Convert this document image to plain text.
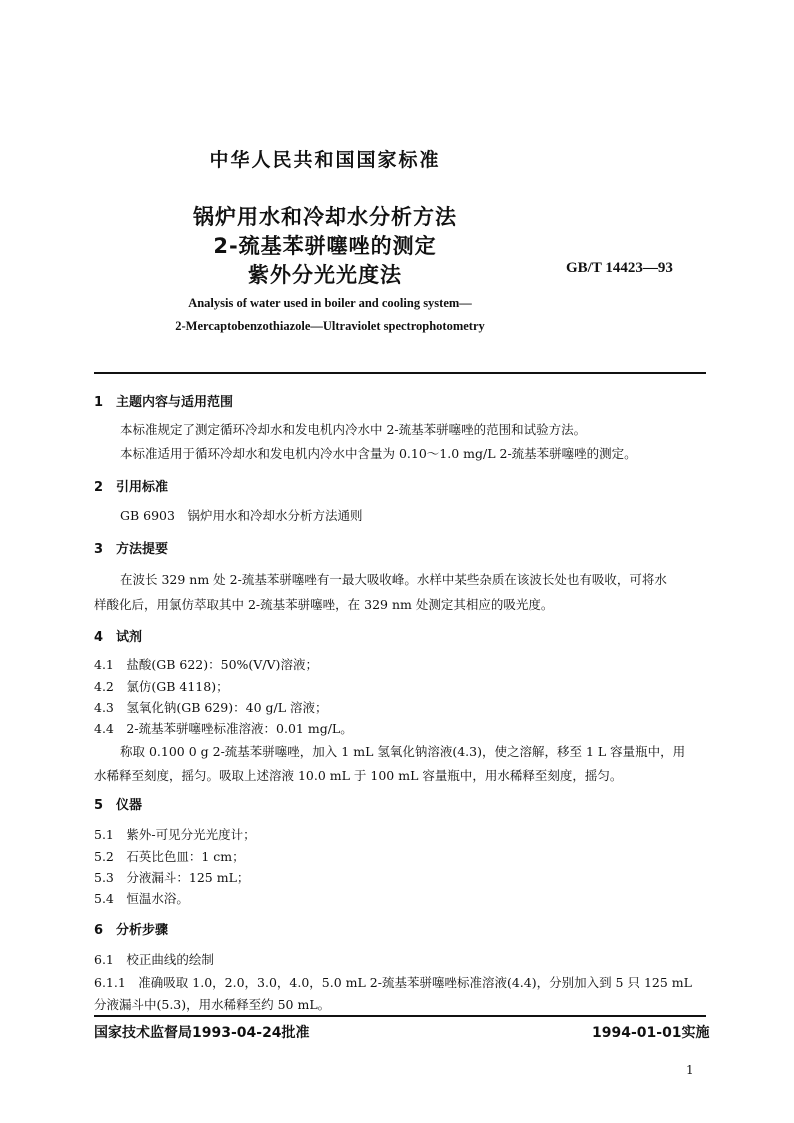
中华人民共和国国家标准
锅炉用水和冷却水分析方法
2-巯基苯骈噻唑的测定
紫外分光光度法	GB/T 14423—93
Analysis of water used in boiler and cooling system—
2-Mercaptobenzothiazole—Ultraviolet spectrophotometry
1　主题内容与适用范围
本标准规定了测定循环冷却水和发电机内冷水中 2-巯基苯骈噻唑的范围和试验方法。
本标准适用于循环冷却水和发电机内冷水中含量为 0.10～1.0 mg/L 2-巯基苯骈噻唑的测定。
2　引用标准
GB 6903　锅炉用水和冷却水分析方法通则
3　方法提要
在波长 329 nm 处 2-巯基苯骈噻唑有一最大吸收峰。水样中某些杂质在该波长处也有吸收，可将水
样酸化后，用氯仿萃取其中 2-巯基苯骈噻唑，在 329 nm 处测定其相应的吸光度。
4　试剂
4.1　盐酸(GB 622)：50%(V/V)溶液；
4.2　氯仿(GB 4118)；
4.3　氢氧化钠(GB 629)：40 g/L 溶液；
4.4　2-巯基苯骈噻唑标准溶液：0.01 mg/L。
称取 0.100 0 g 2-巯基苯骈噻唑，加入 1 mL 氢氧化钠溶液(4.3)，使之溶解，移至 1 L 容量瓶中，用
水稀释至刻度，摇匀。吸取上述溶液 10.0 mL 于 100 mL 容量瓶中，用水稀释至刻度，摇匀。
5　仪器
5.1　紫外-可见分光光度计；
5.2　石英比色皿：1 cm；
5.3　分液漏斗：125 mL；
5.4　恒温水浴。
6　分析步骤
6.1　校正曲线的绘制
6.1.1　准确吸取 1.0，2.0，3.0，4.0，5.0 mL 2-巯基苯骈噻唑标准溶液(4.4)，分别加入到 5 只 125 mL
分液漏斗中(5.3)，用水稀释至约 50 mL。
国家技术监督局1993-04-24批准	1994-01-01实施
1
